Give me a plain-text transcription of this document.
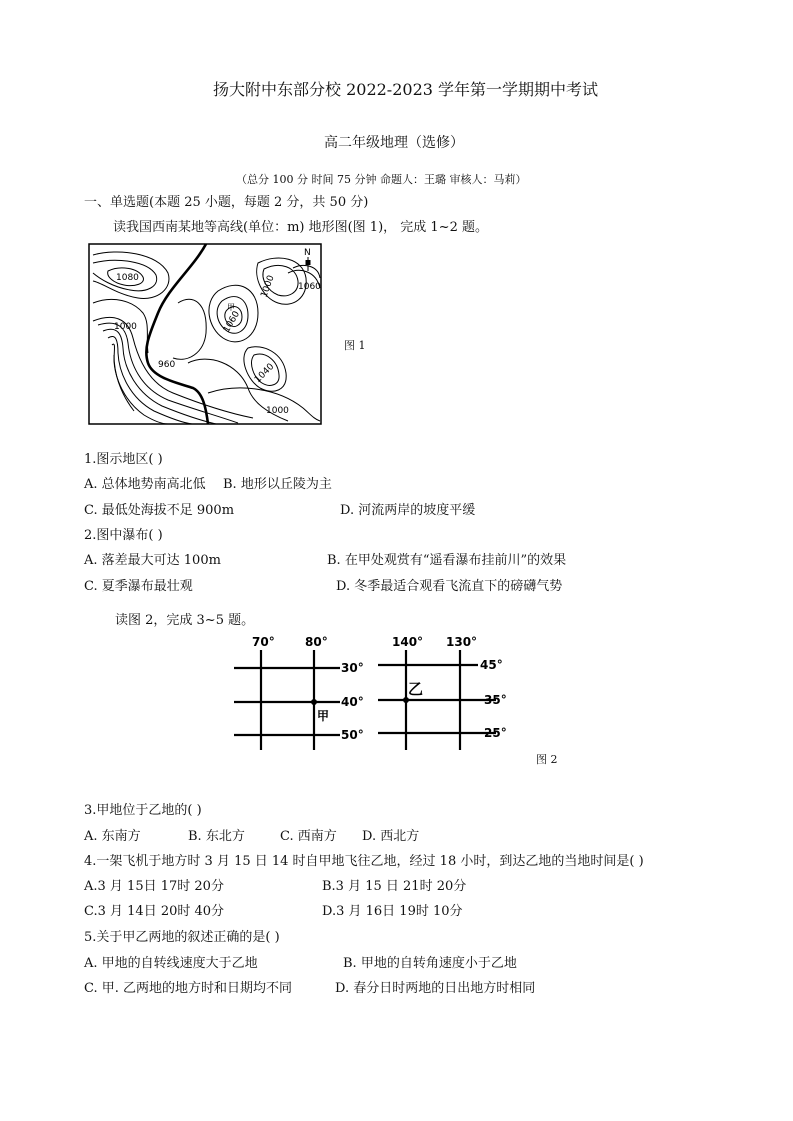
扬大附中东部分校 2022-2023 学年第一学期期中考试
高二年级地理（选修）
（总分 100 分 时间 75 分钟 命题人：王璐 审核人：马莉）
一、单选题(本题 25 小题，每题 2 分，共 50 分)
读我国西南某地等高线(单位：m) 地形图(图 1)， 完成 1~2 题。
N
1080
1000
1000 1060
1060
960	1040
1000
甲
图 1
1.图示地区( )
A. 总体地势南高北低 B. 地形以丘陵为主
C. 最低处海拔不足 900m	D. 河流两岸的坡度平缓
2.图中瀑布( )
A. 落差最大可达 100m	B. 在甲处观赏有“遥看瀑布挂前川”的效果
C. 夏季瀑布最壮观	D. 冬季最适合观看飞流直下的磅礴气势
读图 2，完成 3~5 题。
70°	80°
30°
40°
50°
甲
140° 130°
45°
35°
25°
乙
图 2
3.甲地位于乙地的( )
A. 东南方	B. 东北方	C. 西南方 D. 西北方
4.一架飞机于地方时 3 月 15 日 14 时自甲地飞往乙地，经过 18 小时，到达乙地的当地时间是( )
A.3 月 15日 17时 20分	B.3 月 15 日 21时 20分
C.3 月 14日 20时 40分	D.3 月 16日 19时 10分
5.关于甲乙两地的叙述正确的是( )
A. 甲地的自转线速度大于乙地	B. 甲地的自转角速度小于乙地
C. 甲. 乙两地的地方时和日期均不同	D. 春分日时两地的日出地方时相同
